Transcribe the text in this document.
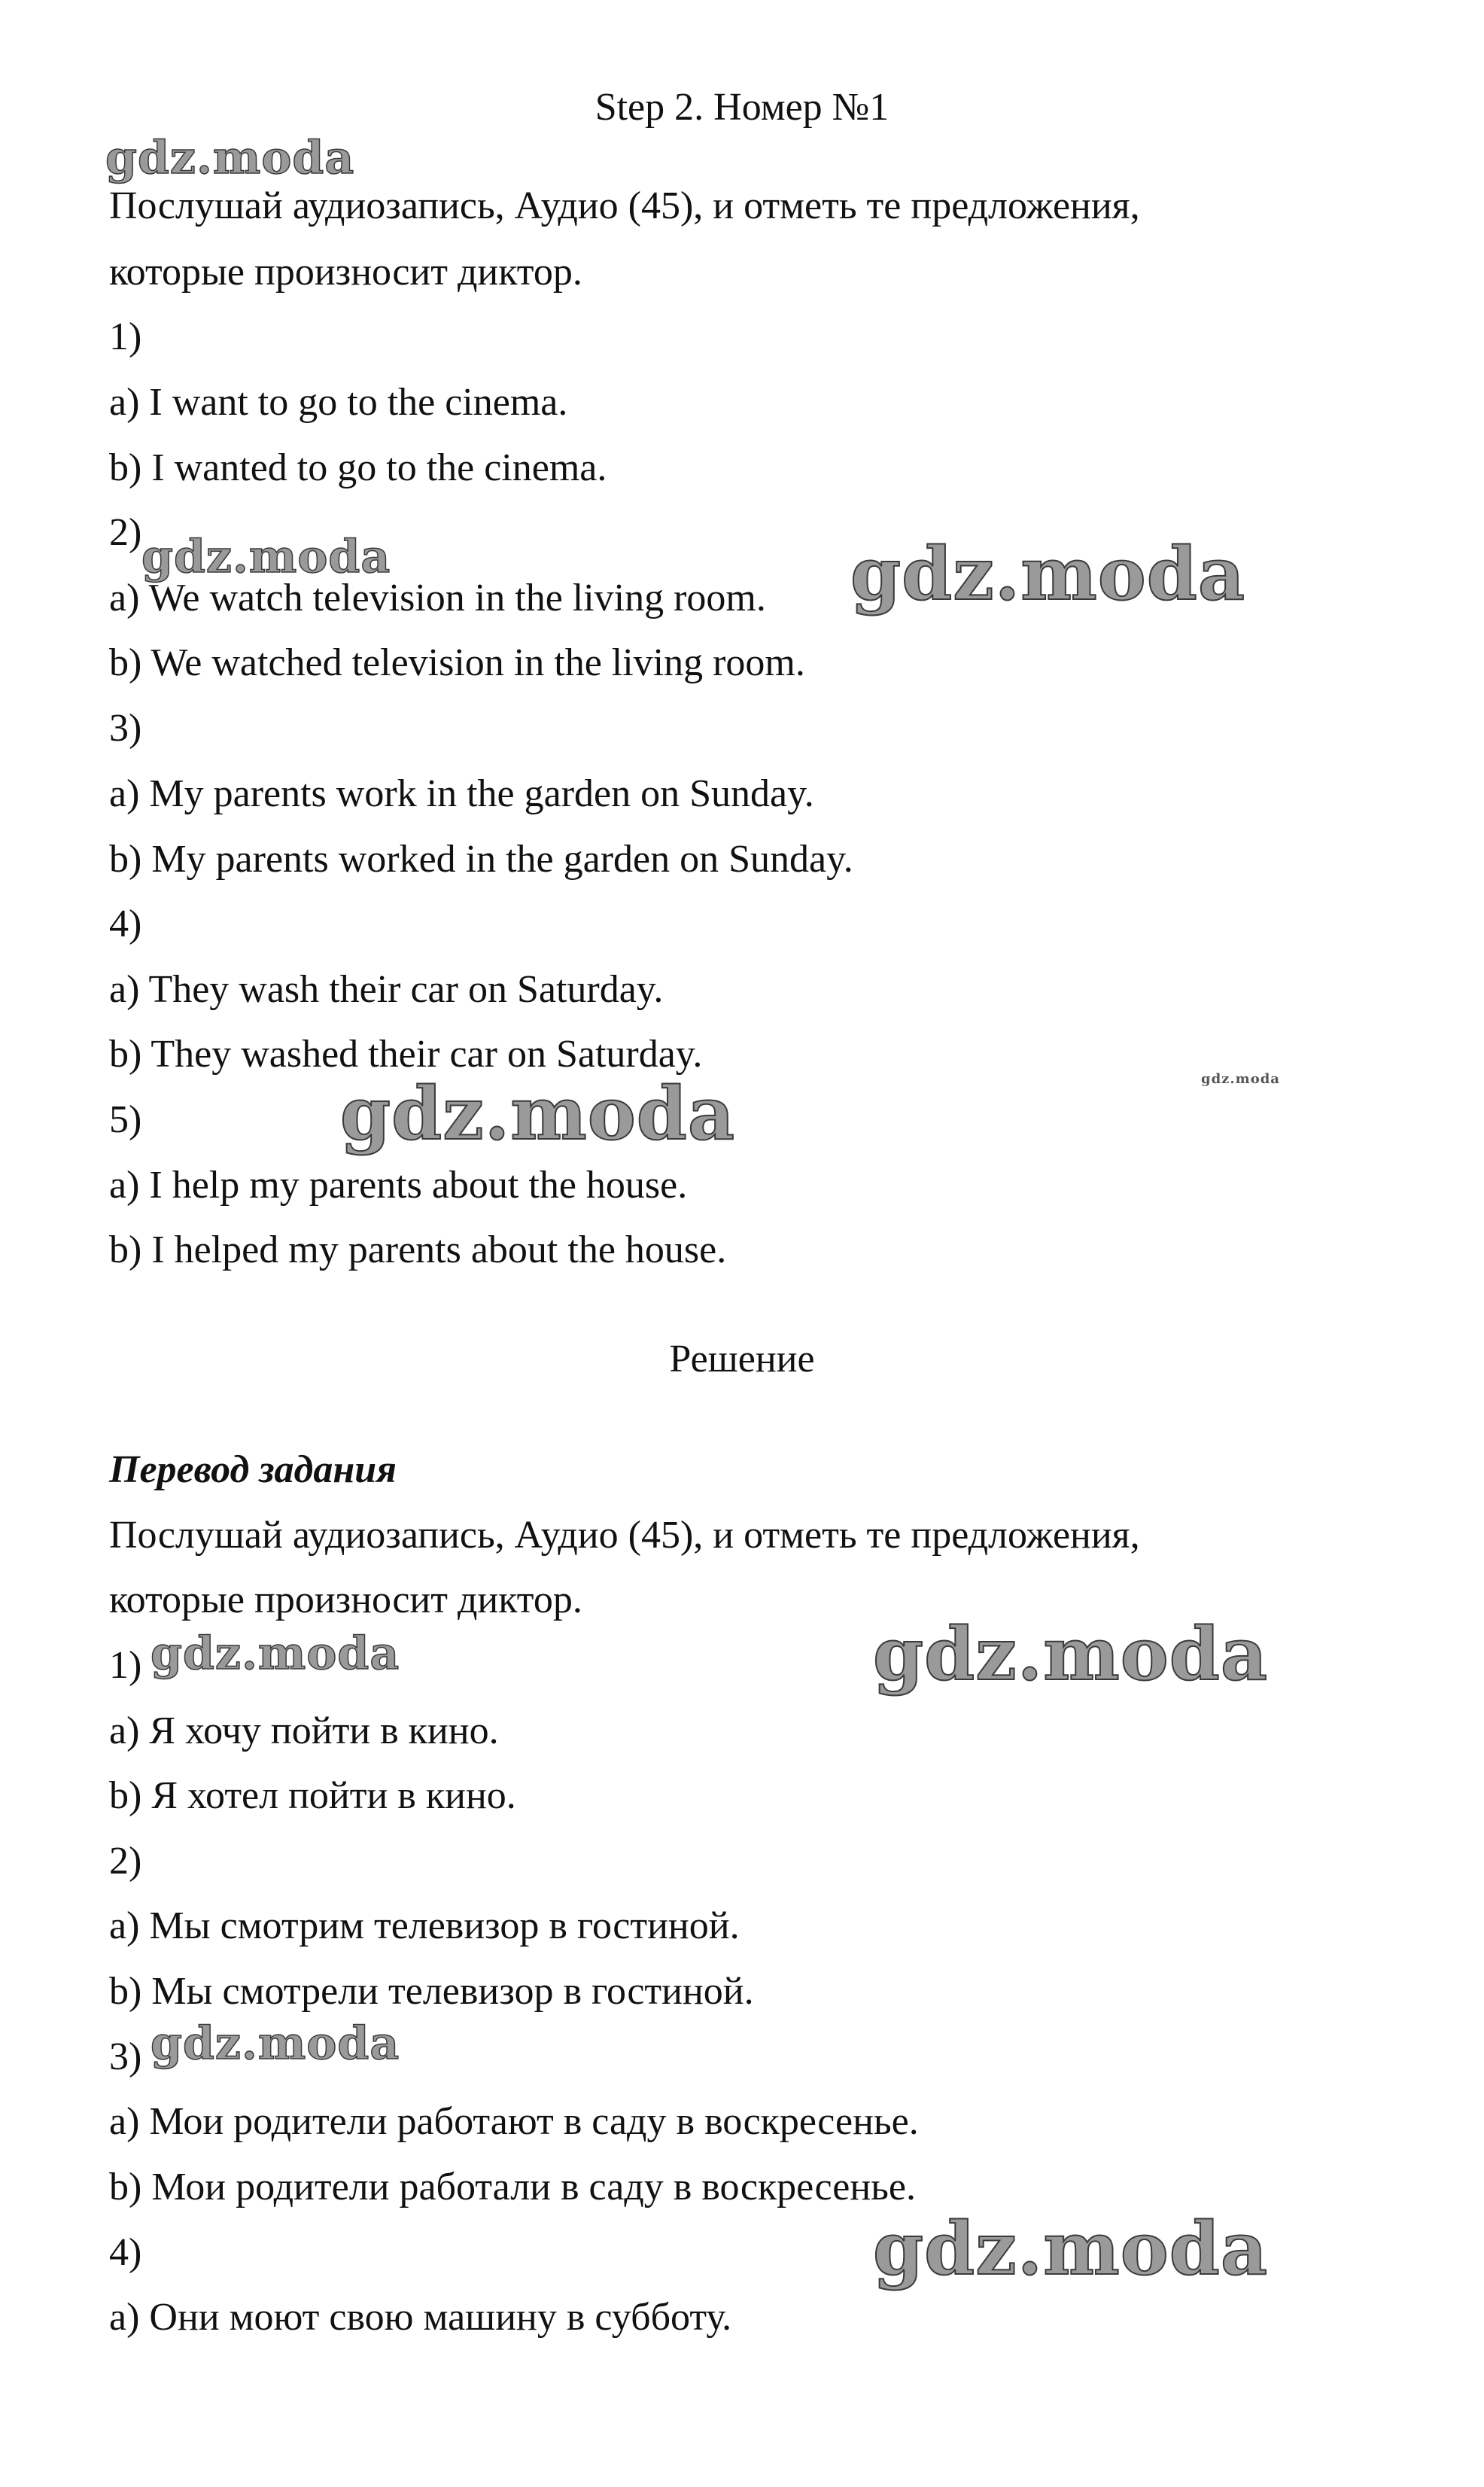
Step 2. Номер №1
Послушай аудиозапись, Аудио (45), и отметь те предложения,
которые произносит диктор.
1)
a) I want to go to the cinema.
b) I wanted to go to the cinema.
2)
a) We watch television in the living room.
b) We watched television in the living room.
3)
a) My parents work in the garden on Sunday.
b) My parents worked in the garden on Sunday.
4)
a) They wash their car on Saturday.
b) They washed their car on Saturday.
5)
a) I help my parents about the house.
b) I helped my parents about the house.
Решение
Перевод задания
Послушай аудиозапись, Аудио (45), и отметь те предложения,
которые произносит диктор.
1)
a) Я хочу пойти в кино.
b) Я хотел пойти в кино.
2)
a) Мы смотрим телевизор в гостиной.
b) Мы смотрели телевизор в гостиной.
3)
a) Мои родители работают в саду в воскресенье.
b) Мои родители работали в саду в воскресенье.
4)
a) Они моют свою машину в субботу.
gdz.moda
gdz.moda	gdz.moda
gdz.moda
gdz.moda
gdz.moda	gdz.moda
gdz.moda
gdz.moda
